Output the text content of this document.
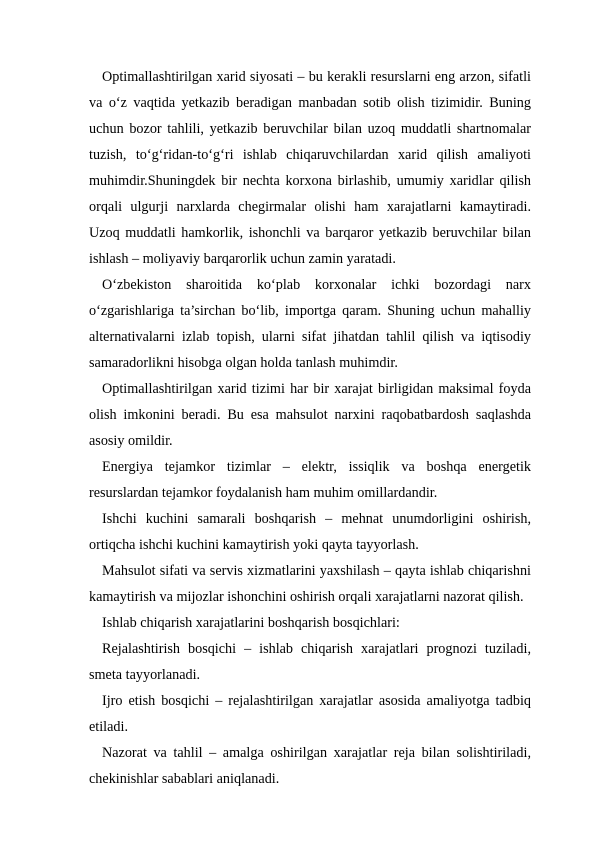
Optimallashtirilgan xarid siyosati – bu kerakli resurslarni eng arzon, sifatli va o‘z vaqtida yetkazib beradigan manbadan sotib olish tizimidir. Buning uchun bozor tahlili, yetkazib beruvchilar bilan uzoq muddatli shartnomalar tuzish, to‘g‘ridan-to‘g‘ri ishlab chiqaruvchilardan xarid qilish amaliyoti muhimdir.Shuningdek bir nechta korxona birlashib, umumiy xaridlar qilish orqali ulgurji narxlarda chegirmalar olishi ham xarajatlarni kamaytiradi. Uzoq muddatli hamkorlik, ishonchli va barqaror yetkazib beruvchilar bilan ishlash – moliyaviy barqarorlik uchun zamin yaratadi.

O‘zbekiston sharoitida ko‘plab korxonalar ichki bozordagi narx o‘zgarishlariga ta’sirchan bo‘lib, importga qaram. Shuning uchun mahalliy alternativalarni izlab topish, ularni sifat jihatdan tahlil qilish va iqtisodiy samaradorlikni hisobga olgan holda tanlash muhimdir.

Optimallashtirilgan xarid tizimi har bir xarajat birligidan maksimal foyda olish imkonini beradi. Bu esa mahsulot narxini raqobatbardosh saqlashda asosiy omildir.

Energiya tejamkor tizimlar – elektr, issiqlik va boshqa energetik resurslardan tejamkor foydalanish ham muhim omillardandir.

Ishchi kuchini samarali boshqarish – mehnat unumdorligini oshirish, ortiqcha ishchi kuchini kamaytirish yoki qayta tayyorlash.

Mahsulot sifati va servis xizmatlarini yaxshilash – qayta ishlab chiqarishni kamaytirish va mijozlar ishonchini oshirish orqali xarajatlarni nazorat qilish.

Ishlab chiqarish xarajatlarini boshqarish bosqichlari:

Rejalashtirish bosqichi – ishlab chiqarish xarajatlari prognozi tuziladi, smeta tayyorlanadi.

Ijro etish bosqichi – rejalashtirilgan xarajatlar asosida amaliyotga tadbiq etiladi.

Nazorat va tahlil – amalga oshirilgan xarajatlar reja bilan solishtiriladi, chekinishlar sabablari aniqlanadi.
